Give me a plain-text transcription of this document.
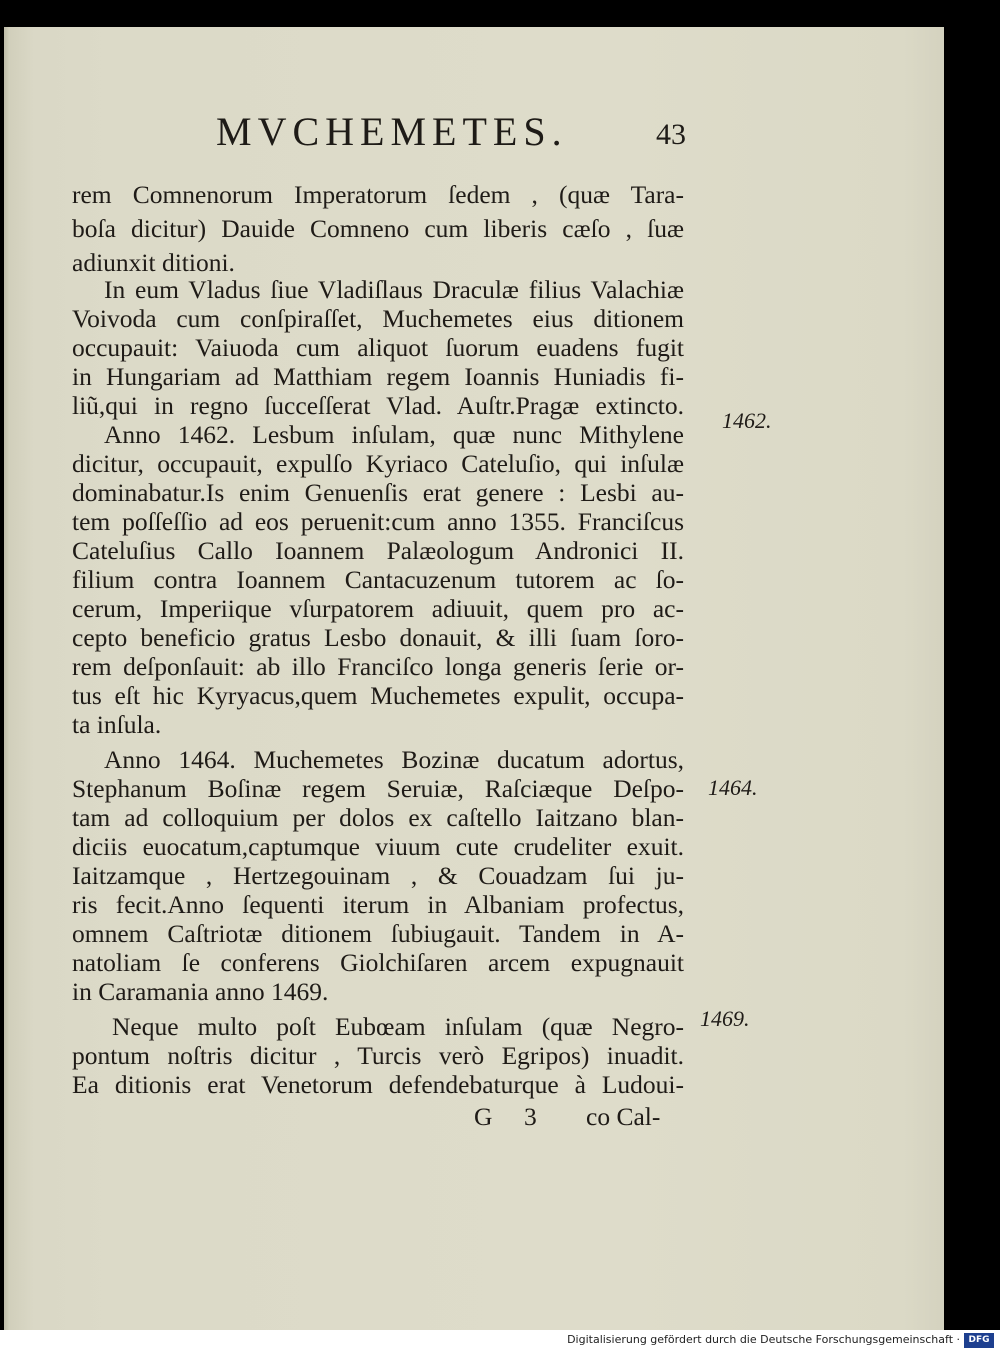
MVCHEMETES.	43
rem Comnenorum Imperatorum ſedem , (quæ Tara-
boſa dicitur) Dauide Comneno cum liberis cæſo , ſuæ
adiunxit ditioni.
In eum Vladus ſiue Vladiſlaus Draculæ filius Valachiæ
Voivoda cum conſpiraſſet, Muchemetes eius ditionem
occupauit: Vaiuoda cum aliquot ſuorum euadens fugit
in Hungariam ad Matthiam regem Ioannis Huniadis fi-
liũ,qui in regno ſucceſſerat Vlad. Auſtr.Pragæ extinctο.
Anno 1462. Lesbum inſulam, quæ nunc Mithylene
dicitur, occupauit, expulſo Kyriaco Cateluſio, qui inſulæ
dominabatur.Is enim Genuenſis erat genere : Lesbi au-
tem poſſeſſio ad eos peruenit:cum anno 1355. Franciſcus
Cateluſius Callo Ioannem Palæologum Andronici II.
filium contra Ioannem Cantacuzenum tutorem ac ſo-
cerum, Imperiique vſurpatorem adiuuit, quem pro ac-
cepto beneficio gratus Lesbo donauit, & illi ſuam ſoro-
rem deſponſauit: ab illo Franciſco longa generis ſerie or-
tus eſt hic Kyryacus,quem Muchemetes expulit, occupa-
ta inſula.
Anno 1464. Muchemetes Bozinæ ducatum adortus,
Stephanum Boſinæ regem Seruiæ, Raſciæque Deſpo-
tam ad colloquium per dolos ex caſtello Iaitzano blan-
diciis euocatum,captumque viuum cute crudeliter exuit.
Iaitzamque , Hertzegouinam , & Couadzam ſui ju-
ris fecit.Anno ſequenti iterum in Albaniam profectus,
omnem Caſtriotæ ditionem ſubiugauit. Tandem in A-
natoliam ſe conferens Giolchiſaren arcem expugnauit
in Caramania anno 1469.
Neque multo poſt Eubœam inſulam (quæ Negro-
pontum noſtris dicitur , Turcis verò Egripos) inuadit.
Ea ditionis erat Venetorum defendebaturque à Ludoui-
G 3 co Cal-
1462.
1464.
1469.
Digitalisierung gefördert durch die Deutsche Forschungsgemeinschaft · DFG
